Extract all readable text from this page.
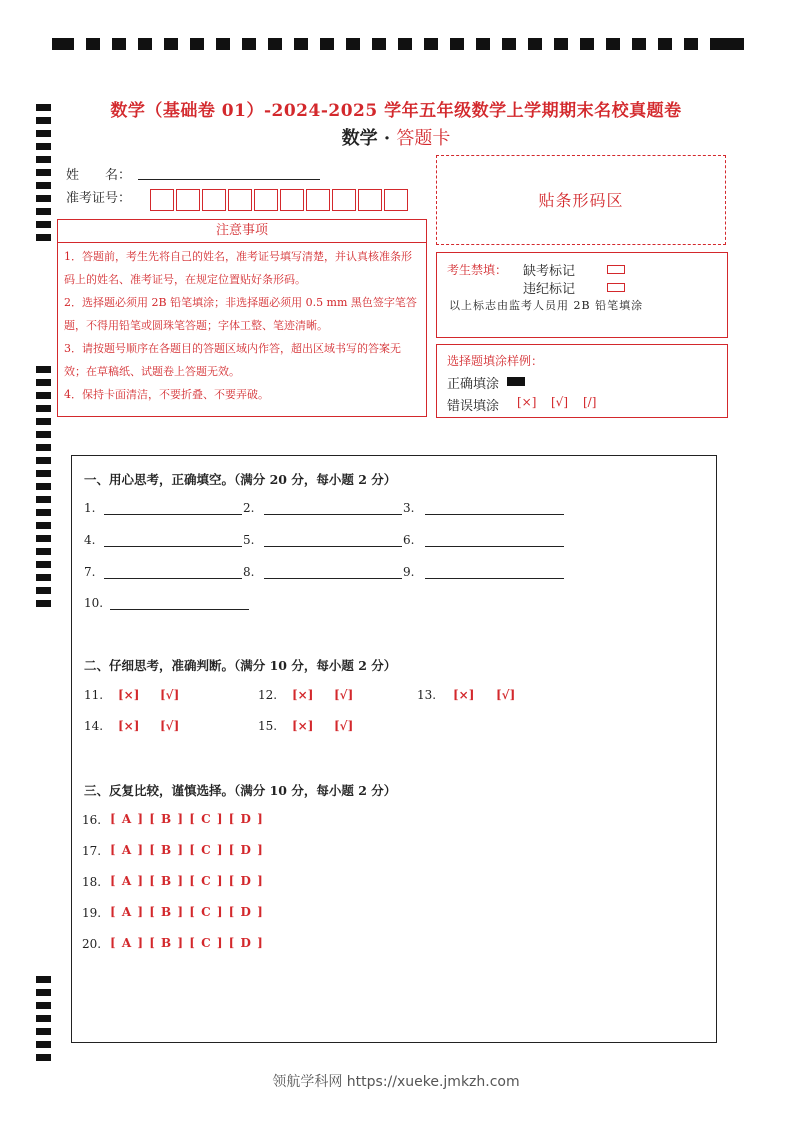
数学（基础卷 01）-2024-2025 学年五年级数学上学期期末名校真题卷
数学 · 答题卡
姓　　名：
准考证号：	贴条形码区
注意事项
1．答题前，考生先将自己的姓名，准考证号填写清楚，并认真核准条形码上的姓名、准考证号，在规定位置贴好条形码。
2．选择题必须用 2B 铅笔填涂；非选择题必须用 0.5 mm 黑色签字笔答题，不得用铅笔或圆珠笔答题；字体工整、笔迹清晰。
3．请按题号顺序在各题目的答题区域内作答，超出区域书写的答案无效；在草稿纸、试题卷上答题无效。
4．保持卡面清洁，不要折叠、不要弄破。
考生禁填： 缺考标记
违纪标记
以上标志由监考人员用 2B 铅笔填涂
选择题填涂样例：
正确填涂
错误填涂 [×] [√] [/]
一、用心思考，正确填空。（满分 20 分，每小题 2 分）
1.	2.	3.
4.	5.	6.
7.	8.	9.
10.
二、仔细思考，准确判断。（满分 10 分，每小题 2 分）
11. [×] [√]	12. [×] [√]	13. [×] [√]
14. [×] [√]	15. [×] [√]
三、反复比较，谨慎选择。（满分 10 分，每小题 2 分）
16. [ A ] [ B ] [ C ] [ D ]
17. [ A ] [ B ] [ C ] [ D ]
18. [ A ] [ B ] [ C ] [ D ]
19. [ A ] [ B ] [ C ] [ D ]
20. [ A ] [ B ] [ C ] [ D ]
领航学科网 https://xueke.jmkzh.com
